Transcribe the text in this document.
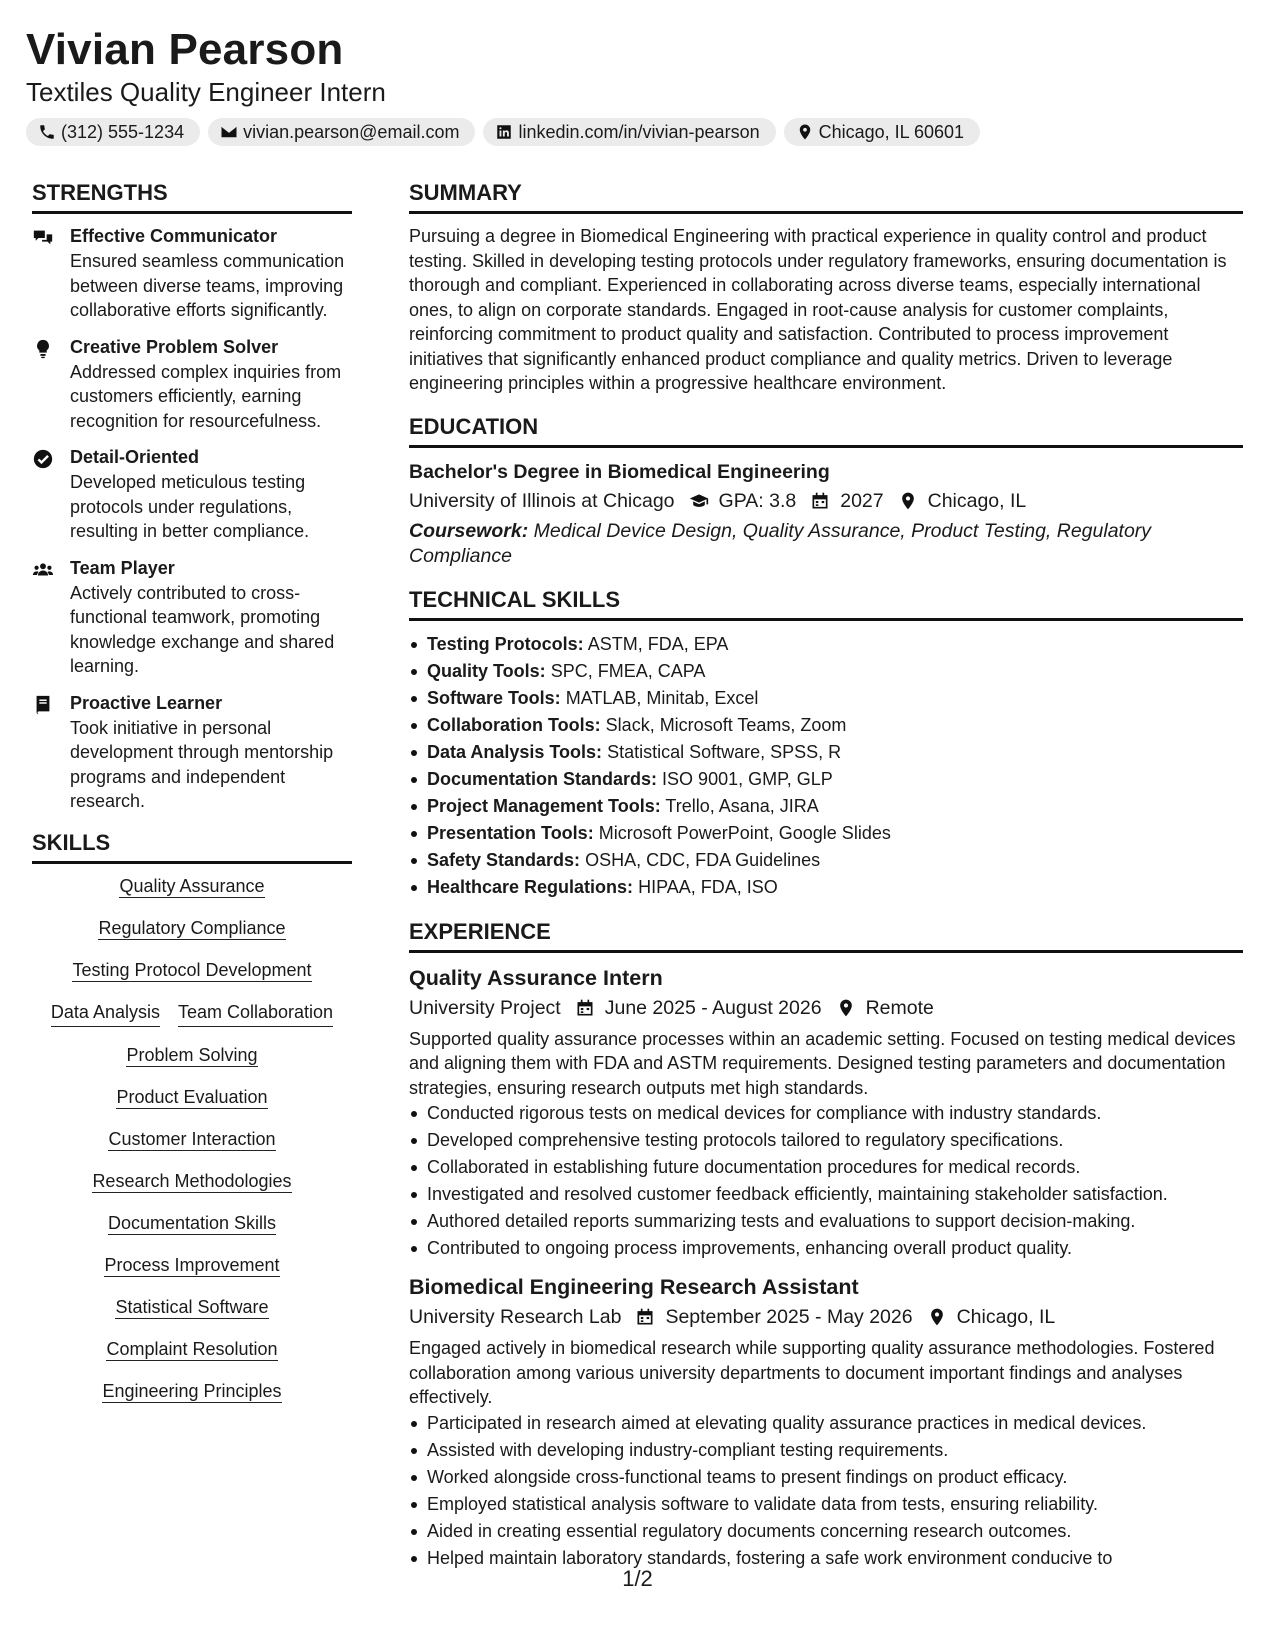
Vivian Pearson
Textiles Quality Engineer Intern
(312) 555-1234	vivian.pearson@email.com	linkedin.com/in/vivian-pearson	Chicago, IL 60601
STRENGTHS
Effective Communicator
Ensured seamless communication between diverse teams, improving collaborative efforts significantly.
Creative Problem Solver
Addressed complex inquiries from customers efficiently, earning recognition for resourcefulness.
Detail-Oriented
Developed meticulous testing protocols under regulations, resulting in better compliance.
Team Player
Actively contributed to cross-functional teamwork, promoting knowledge exchange and shared learning.
Proactive Learner
Took initiative in personal development through mentorship programs and independent research.
SKILLS
Quality Assurance
Regulatory Compliance
Testing Protocol Development
Data Analysis Team Collaboration
Problem Solving
Product Evaluation
Customer Interaction
Research Methodologies
Documentation Skills
Process Improvement
Statistical Software
Complaint Resolution
Engineering Principles
SUMMARY
Pursuing a degree in Biomedical Engineering with practical experience in quality control and product testing. Skilled in developing testing protocols under regulatory frameworks, ensuring documentation is thorough and compliant. Experienced in collaborating across diverse teams, especially international ones, to align on corporate standards. Engaged in root-cause analysis for customer complaints, reinforcing commitment to product quality and satisfaction. Contributed to process improvement initiatives that significantly enhanced product compliance and quality metrics. Driven to leverage engineering principles within a progressive healthcare environment.
EDUCATION
Bachelor's Degree in Biomedical Engineering
University of Illinois at Chicago GPA: 3.8 2027 Chicago, IL
Coursework: Medical Device Design, Quality Assurance, Product Testing, Regulatory Compliance
TECHNICAL SKILLS
Testing Protocols: ASTM, FDA, EPA
Quality Tools: SPC, FMEA, CAPA
Software Tools: MATLAB, Minitab, Excel
Collaboration Tools: Slack, Microsoft Teams, Zoom
Data Analysis Tools: Statistical Software, SPSS, R
Documentation Standards: ISO 9001, GMP, GLP
Project Management Tools: Trello, Asana, JIRA
Presentation Tools: Microsoft PowerPoint, Google Slides
Safety Standards: OSHA, CDC, FDA Guidelines
Healthcare Regulations: HIPAA, FDA, ISO
EXPERIENCE
Quality Assurance Intern
University Project June 2025 - August 2026 Remote
Supported quality assurance processes within an academic setting. Focused on testing medical devices and aligning them with FDA and ASTM requirements. Designed testing parameters and documentation strategies, ensuring research outputs met high standards.
Conducted rigorous tests on medical devices for compliance with industry standards.
Developed comprehensive testing protocols tailored to regulatory specifications.
Collaborated in establishing future documentation procedures for medical records.
Investigated and resolved customer feedback efficiently, maintaining stakeholder satisfaction.
Authored detailed reports summarizing tests and evaluations to support decision-making.
Contributed to ongoing process improvements, enhancing overall product quality.
Biomedical Engineering Research Assistant
University Research Lab September 2025 - May 2026 Chicago, IL
Engaged actively in biomedical research while supporting quality assurance methodologies. Fostered collaboration among various university departments to document important findings and analyses effectively.
Participated in research aimed at elevating quality assurance practices in medical devices.
Assisted with developing industry-compliant testing requirements.
Worked alongside cross-functional teams to present findings on product efficacy.
Employed statistical analysis software to validate data from tests, ensuring reliability.
Aided in creating essential regulatory documents concerning research outcomes.
Helped maintain laboratory standards, fostering a safe work environment conducive to
1/2
